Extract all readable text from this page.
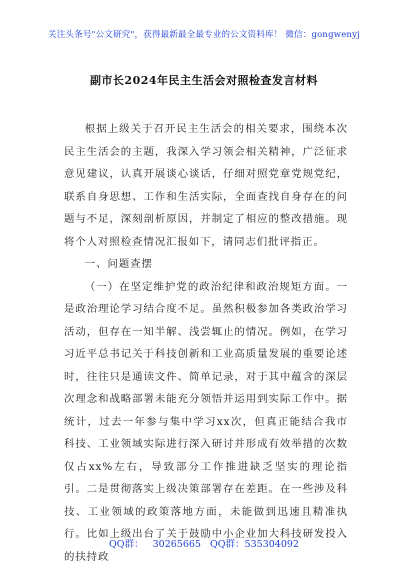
关注头条号"公文研究"，获得最新最全最专业的公文资料库！ 微信：gongwenyj
副市长2024年民主生活会对照检查发言材料

根据上级关于召开民主生活会的相关要求，围绕本次民主生活会的主题，我深入学习领会相关精神，广泛征求意见建议，认真开展谈心谈话，仔细对照党章党规党纪，联系自身思想、工作和生活实际，全面查找自身存在的问题与不足，深刻剖析原因，并制定了相应的整改措施。现将个人对照检查情况汇报如下，请同志们批评指正。

一、问题查摆

（一）在坚定维护党的政治纪律和政治规矩方面。一是政治理论学习结合度不足。虽然积极参加各类政治学习活动，但存在一知半解、浅尝辄止的情况。例如，在学习习近平总书记关于科技创新和工业高质量发展的重要论述时，往往只是通读文件、简单记录，对于其中蕴含的深层次理念和战略部署未能充分领悟并运用到实际工作中。据统计，过去一年参与集中学习xx次，但真正能结合我市科技、工业领域实际进行深入研讨并形成有效举措的次数仅占xx%左右，导致部分工作推进缺乏坚实的理论指引。二是贯彻落实上级决策部署存在差距。在一些涉及科技、工业领域的政策落地方面，未能做到迅速且精准执行。比如上级出台了关于鼓励中小企业加大科技研发投入的扶持政

QQ群： 30265665 QQ群：535304092
